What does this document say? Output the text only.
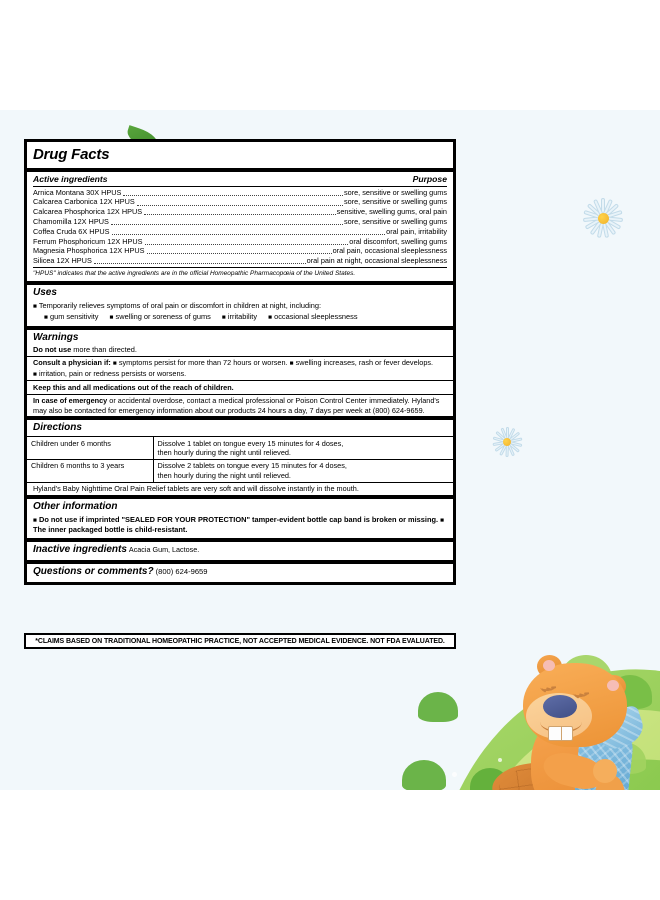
Drug Facts
Active ingredients	Purpose
Arnica Montana 30X HPUS	sore, sensitive or swelling gums
Calcarea Carbonica 12X HPUS	sore, sensitive or swelling gums
Calcarea Phosphorica 12X HPUS	sensitive, swelling gums, oral pain
Chamomilla 12X HPUS	sore, sensitive or swelling gums
Coffea Cruda 6X HPUS	oral pain, irritability
Ferrum Phosphoricum 12X HPUS	oral discomfort, swelling gums
Magnesia Phosphorica 12X HPUS	oral pain, occasional sleeplessness
Silicea 12X HPUS	oral pain at night, occasional sleeplessness
"HPUS" indicates that the active ingredients are in the official Homeopathic Pharmacopœia of the United States.
Uses
■ Temporarily relieves symptoms of oral pain or discomfort in children at night, including:
■ gum sensitivity ■ swelling or soreness of gums ■ irritability ■ occasional sleeplessness
Warnings
Do not use more than directed.
Consult a physician if: ■ symptoms persist for more than 72 hours or worsen. ■ swelling increases, rash or fever develops.
■ irritation, pain or redness persists or worsens.
Keep this and all medications out of the reach of children.
In case of emergency or accidental overdose, contact a medical professional or Poison Control Center immediately. Hyland's may also be contacted for emergency information about our products 24 hours a day, 7 days per week at (800) 624-9659.
Directions
Children under 6 months	Dissolve 1 tablet on tongue every 15 minutes for 4 doses,
then hourly during the night until relieved.
Children 6 months to 3 years	Dissolve 2 tablets on tongue every 15 minutes for 4 doses,
then hourly during the night until relieved.
Hyland's Baby Nighttime Oral Pain Relief tablets are very soft and will dissolve instantly in the mouth.
Other information
■ Do not use if imprinted "SEALED FOR YOUR PROTECTION" tamper-evident bottle cap band is broken or missing. ■ The inner packaged bottle is child-resistant.
Inactive ingredients Acacia Gum, Lactose.
Questions or comments? (800) 624-9659
*CLAIMS BASED ON TRADITIONAL HOMEOPATHIC PRACTICE, NOT ACCEPTED MEDICAL EVIDENCE. NOT FDA EVALUATED.
